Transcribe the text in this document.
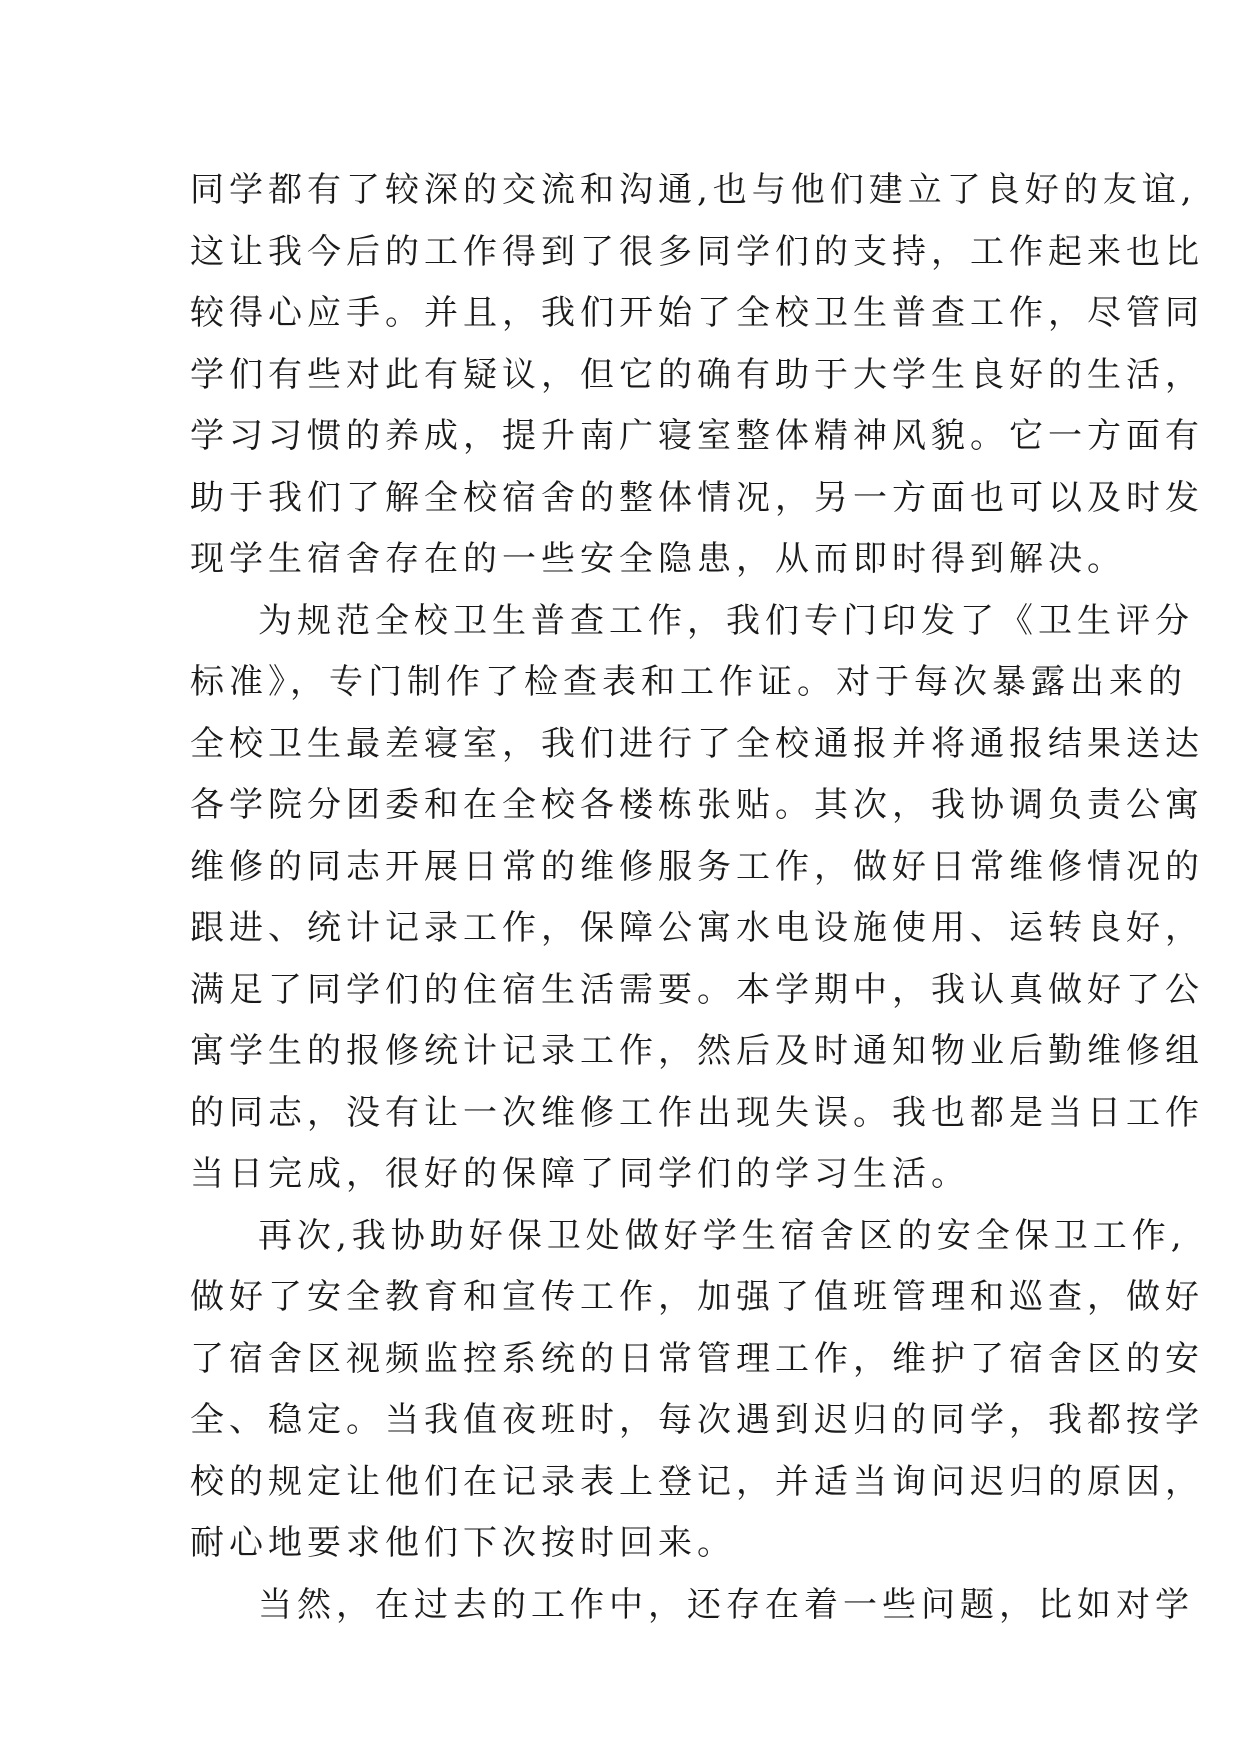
同学都有了较深的交流和沟通,也与他们建立了良好的友谊,
这让我今后的工作得到了很多同学们的支持，工作起来也比
较得心应手。并且，我们开始了全校卫生普查工作，尽管同
学们有些对此有疑议，但它的确有助于大学生良好的生活，
学习习惯的养成，提升南广寝室整体精神风貌。它一方面有
助于我们了解全校宿舍的整体情况，另一方面也可以及时发
现学生宿舍存在的一些安全隐患，从而即时得到解决。
为规范全校卫生普查工作，我们专门印发了《卫生评分
标准》，专门制作了检查表和工作证。对于每次暴露出来的
全校卫生最差寝室，我们进行了全校通报并将通报结果送达
各学院分团委和在全校各楼栋张贴。其次，我协调负责公寓
维修的同志开展日常的维修服务工作，做好日常维修情况的
跟进、统计记录工作，保障公寓水电设施使用、运转良好，
满足了同学们的住宿生活需要。本学期中，我认真做好了公
寓学生的报修统计记录工作，然后及时通知物业后勤维修组
的同志，没有让一次维修工作出现失误。我也都是当日工作
当日完成，很好的保障了同学们的学习生活。
再次,我协助好保卫处做好学生宿舍区的安全保卫工作,
做好了安全教育和宣传工作，加强了值班管理和巡查，做好
了宿舍区视频监控系统的日常管理工作，维护了宿舍区的安
全、稳定。当我值夜班时，每次遇到迟归的同学，我都按学
校的规定让他们在记录表上登记，并适当询问迟归的原因，
耐心地要求他们下次按时回来。
当然，在过去的工作中，还存在着一些问题，比如对学
